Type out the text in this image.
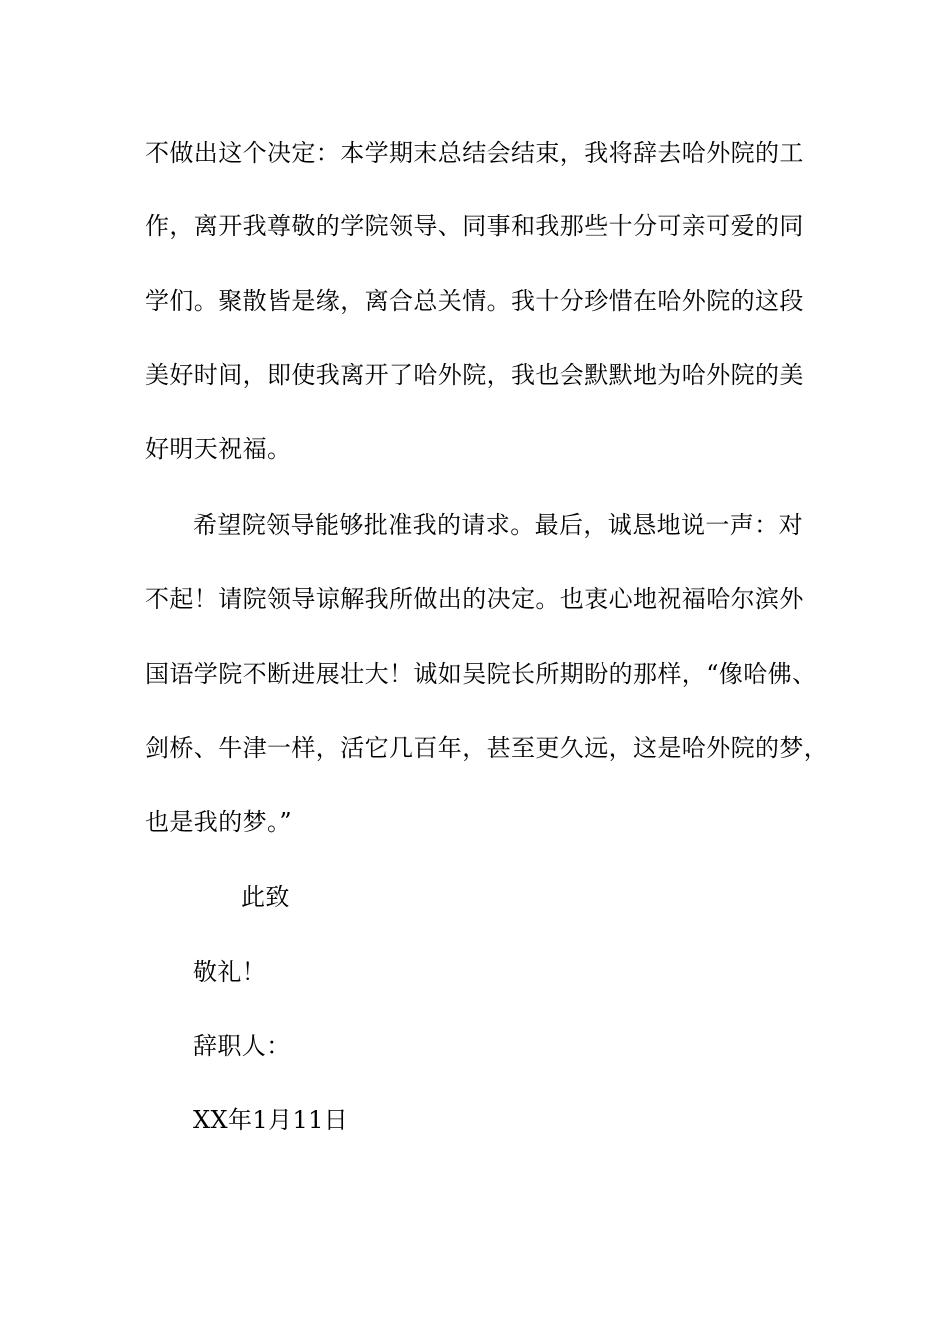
不做出这个决定：本学期末总结会结束，我将辞去哈外院的工
作，离开我尊敬的学院领导、同事和我那些十分可亲可爱的同
学们。聚散皆是缘，离合总关情。我十分珍惜在哈外院的这段
美好时间，即使我离开了哈外院，我也会默默地为哈外院的美
好明天祝福。
希望院领导能够批准我的请求。最后，诚恳地说一声：对
不起！请院领导谅解我所做出的决定。也衷心地祝福哈尔滨外
国语学院不断进展壮大！诚如吴院长所期盼的那样，“像哈佛、
剑桥、牛津一样，活它几百年，甚至更久远，这是哈外院的梦，
也是我的梦。”
此致
敬礼！
辞职人：
XX年1月11日
